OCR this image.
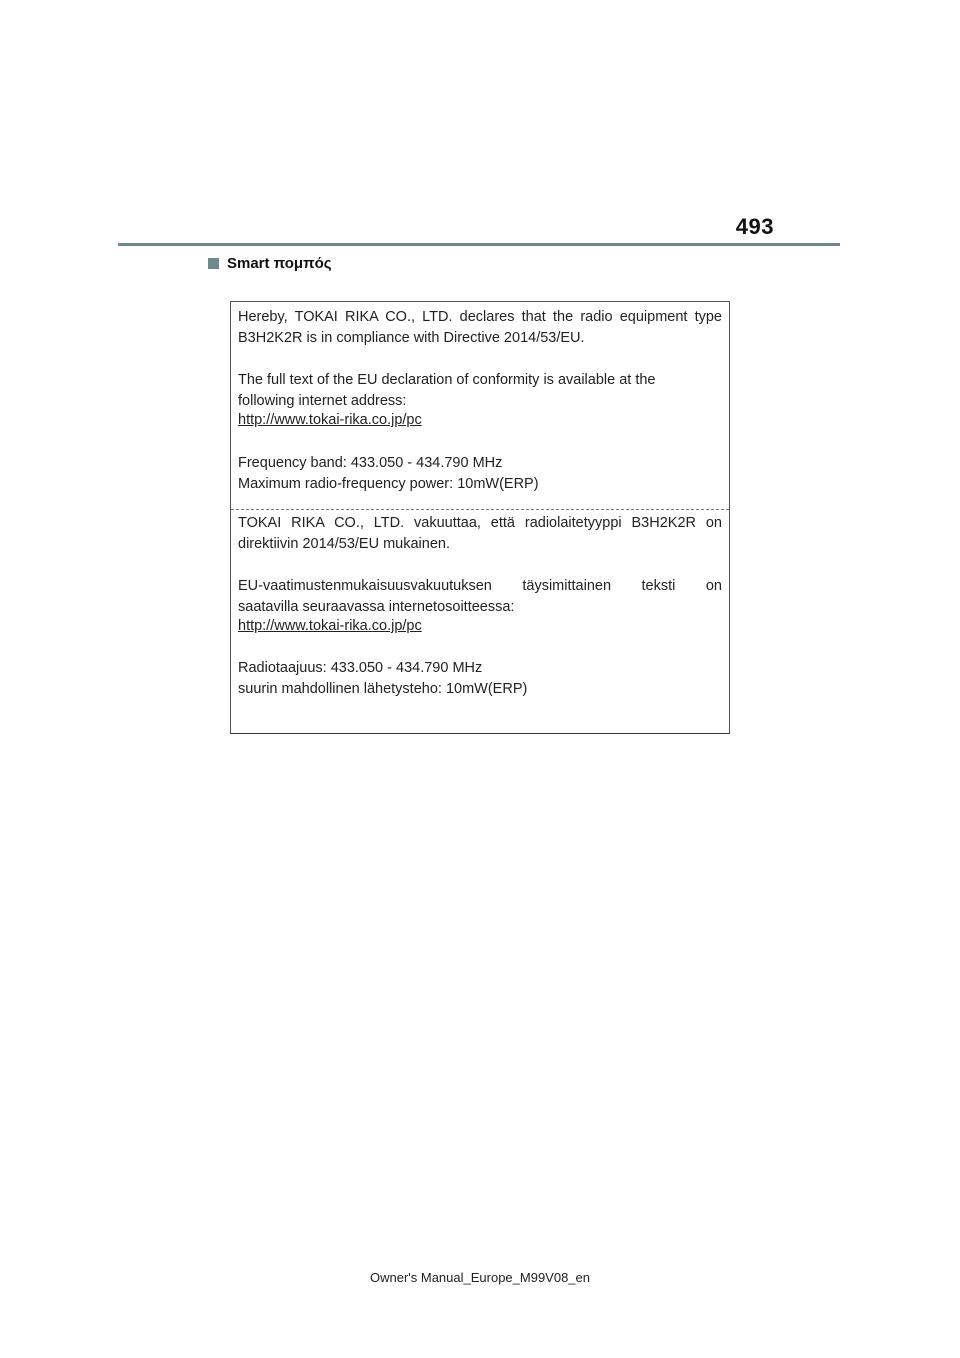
493
Smart πομπός
Hereby, TOKAI RIKA CO., LTD. declares that the radio equipment type
B3H2K2R is in compliance with Directive 2014/53/EU.
The full text of the EU declaration of conformity is available at the
following internet address:
http://www.tokai-rika.co.jp/pc
Frequency band: 433.050 - 434.790 MHz
Maximum radio-frequency power: 10mW(ERP)
TOKAI RIKA CO., LTD. vakuuttaa, että radiolaitetyyppi B3H2K2R on
direktiivin 2014/53/EU mukainen.
EU-vaatimustenmukaisuusvakuutuksen täysimittainen teksti on
saatavilla seuraavassa internetosoitteessa:
http://www.tokai-rika.co.jp/pc
Radiotaajuus: 433.050 - 434.790 MHz
suurin mahdollinen lähetysteho: 10mW(ERP)
Owner's Manual_Europe_M99V08_en
